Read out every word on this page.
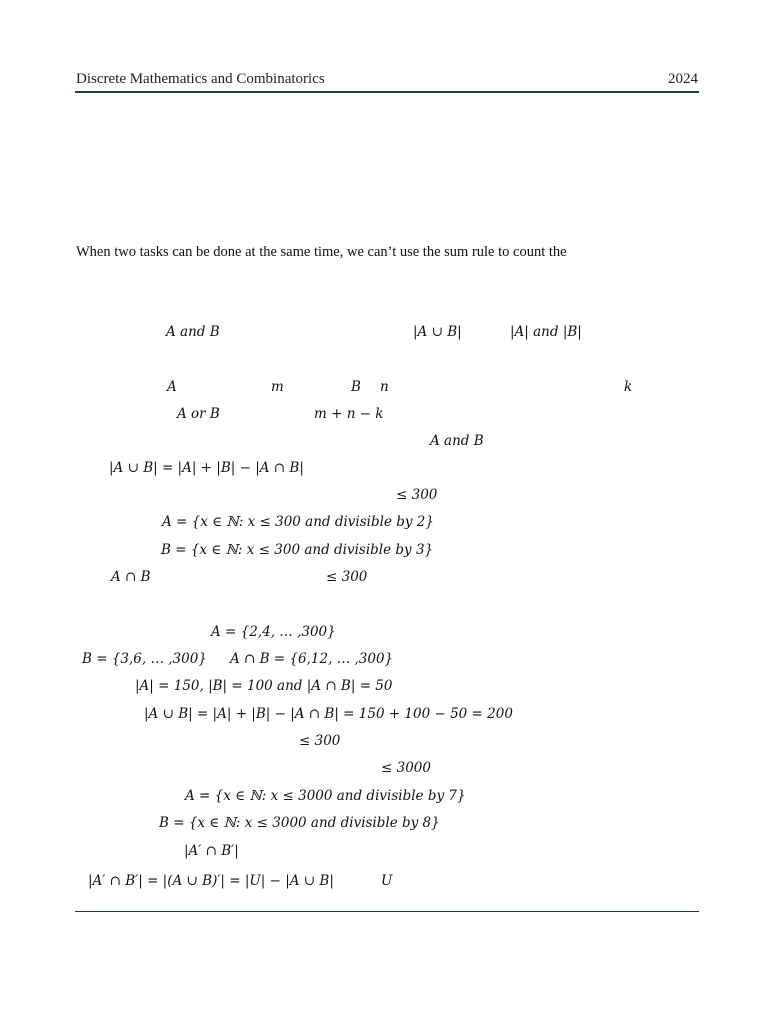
Discrete Mathematics and Combinatorics	2024
When two tasks can be done at the same time, we can’t use the sum rule to count the
A and B	|A ∪ B|	|A| and |B|
A	m	B n	k
A or B	m + n − k
A and B
|A ∪ B| = |A| + |B| − |A ∩ B|
≤ 300
A = {x ∈ ℕ: x ≤ 300 and divisible by 2}
B = {x ∈ ℕ: x ≤ 300 and divisible by 3}
A ∩ B	≤ 300
A = {2,4, … ,300}
B = {3,6, … ,300} A ∩ B = {6,12, … ,300}
|A| = 150, |B| = 100 and |A ∩ B| = 50
|A ∪ B| = |A| + |B| − |A ∩ B| = 150 + 100 − 50 = 200
≤ 300
≤ 3000
A = {x ∈ ℕ: x ≤ 3000 and divisible by 7}
B = {x ∈ ℕ: x ≤ 3000 and divisible by 8}
|A′ ∩ B′|
|A′ ∩ B′| = |(A ∪ B)′| = |U| − |A ∪ B|	U
